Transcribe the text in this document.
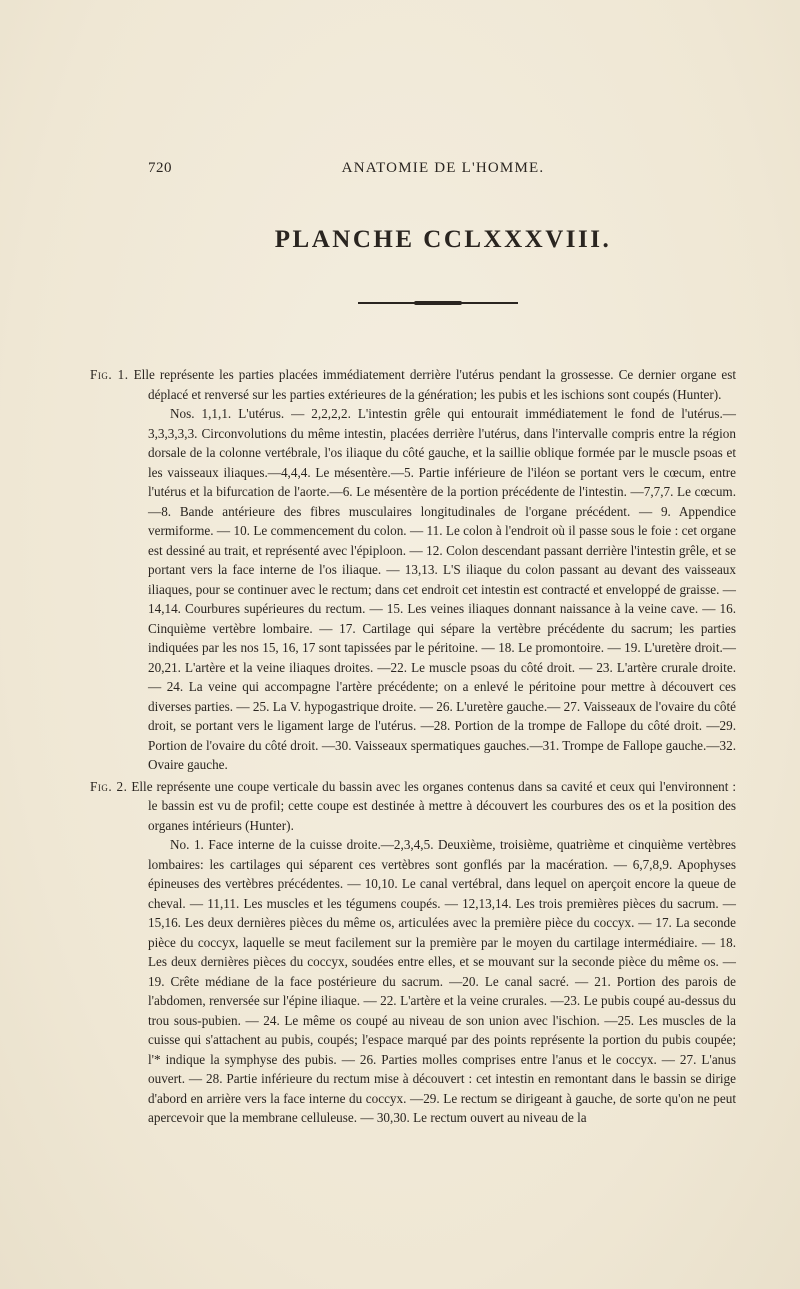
720	ANATOMIE DE L'HOMME.
PLANCHE CCLXXXVIII.

Fig. 1. Elle représente les parties placées immédiatement derrière l'utérus pendant la grossesse. Ce dernier organe est déplacé et renversé sur les parties extérieures de la génération; les pubis et les ischions sont coupés (Hunter).

Nos. 1,1,1. L'utérus. — 2,2,2,2. L'intestin grêle qui entourait immédiatement le fond de l'utérus.—3,3,3,3,3. Circonvolutions du même intestin, placées derrière l'utérus, dans l'intervalle compris entre la région dorsale de la colonne vertébrale, l'os iliaque du côté gauche, et la saillie oblique formée par le muscle psoas et les vaisseaux iliaques.—4,4,4. Le mésentère.—5. Partie inférieure de l'iléon se portant vers le cœcum, entre l'utérus et la bifurcation de l'aorte.—6. Le mésentère de la portion précédente de l'intestin. —7,7,7. Le cœcum. —8. Bande antérieure des fibres musculaires longitudinales de l'organe précédent. — 9. Appendice vermiforme. — 10. Le commencement du colon. — 11. Le colon à l'endroit où il passe sous le foie : cet organe est dessiné au trait, et représenté avec l'épiploon. — 12. Colon descendant passant derrière l'intestin grêle, et se portant vers la face interne de l'os iliaque. — 13,13. L'S iliaque du colon passant au devant des vaisseaux iliaques, pour se continuer avec le rectum; dans cet endroit cet intestin est contracté et enveloppé de graisse. — 14,14. Courbures supérieures du rectum. — 15. Les veines iliaques donnant naissance à la veine cave. — 16. Cinquième vertèbre lombaire. — 17. Cartilage qui sépare la vertèbre précédente du sacrum; les parties indiquées par les nos 15, 16, 17 sont tapissées par le péritoine. — 18. Le promontoire. — 19. L'uretère droit.—20,21. L'artère et la veine iliaques droites. —22. Le muscle psoas du côté droit. — 23. L'artère crurale droite. — 24. La veine qui accompagne l'artère précédente; on a enlevé le péritoine pour mettre à découvert ces diverses parties. — 25. La V. hypogastrique droite. — 26. L'uretère gauche.— 27. Vaisseaux de l'ovaire du côté droit, se portant vers le ligament large de l'utérus. —28. Portion de la trompe de Fallope du côté droit. —29. Portion de l'ovaire du côté droit. —30. Vaisseaux spermatiques gauches.—31. Trompe de Fallope gauche.—32. Ovaire gauche.

Fig. 2. Elle représente une coupe verticale du bassin avec les organes contenus dans sa cavité et ceux qui l'environnent : le bassin est vu de profil; cette coupe est destinée à mettre à découvert les courbures des os et la position des organes intérieurs (Hunter).

No. 1. Face interne de la cuisse droite.—2,3,4,5. Deuxième, troisième, quatrième et cinquième vertèbres lombaires: les cartilages qui séparent ces vertèbres sont gonflés par la macération. — 6,7,8,9. Apophyses épineuses des vertèbres précédentes. — 10,10. Le canal vertébral, dans lequel on aperçoit encore la queue de cheval. — 11,11. Les muscles et les tégumens coupés. — 12,13,14. Les trois premières pièces du sacrum. — 15,16. Les deux dernières pièces du même os, articulées avec la première pièce du coccyx. — 17. La seconde pièce du coccyx, laquelle se meut facilement sur la première par le moyen du cartilage intermédiaire. — 18. Les deux dernières pièces du coccyx, soudées entre elles, et se mouvant sur la seconde pièce du même os. — 19. Crête médiane de la face postérieure du sacrum. —20. Le canal sacré. — 21. Portion des parois de l'abdomen, renversée sur l'épine iliaque. — 22. L'artère et la veine crurales. —23. Le pubis coupé au-dessus du trou sous-pubien. — 24. Le même os coupé au niveau de son union avec l'ischion. —25. Les muscles de la cuisse qui s'attachent au pubis, coupés; l'espace marqué par des points représente la portion du pubis coupée; l'* indique la symphyse des pubis. — 26. Parties molles comprises entre l'anus et le coccyx. — 27. L'anus ouvert. — 28. Partie inférieure du rectum mise à découvert : cet intestin en remontant dans le bassin se dirige d'abord en arrière vers la face interne du coccyx. —29. Le rectum se dirigeant à gauche, de sorte qu'on ne peut apercevoir que la membrane celluleuse. — 30,30. Le rectum ouvert au niveau de la
